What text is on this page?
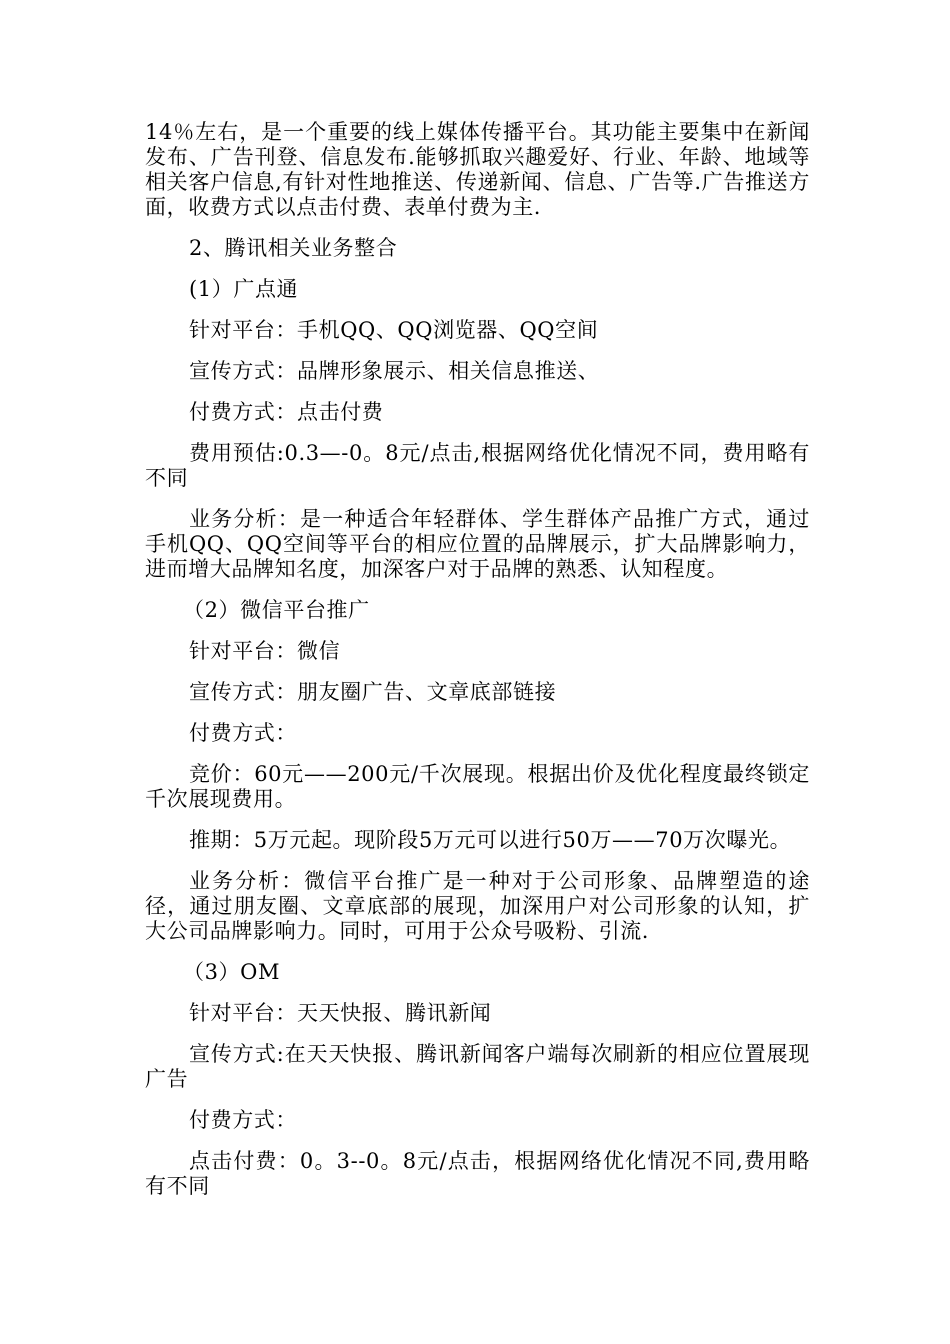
14％左右，是一个重要的线上媒体传播平台。其功能主要集中在新闻发布、广告刊登、信息发布.能够抓取兴趣爱好、行业、年龄、地域等相关客户信息,有针对性地推送、传递新闻、信息、广告等.广告推送方面，收费方式以点击付费、表单付费为主.

2、腾讯相关业务整合

(1）广点通

针对平台：手机QQ、QQ浏览器、QQ空间

宣传方式：品牌形象展示、相关信息推送、

付费方式：点击付费

费用预估:0.3—-0。8元/点击,根据网络优化情况不同，费用略有不同

业务分析：是一种适合年轻群体、学生群体产品推广方式，通过手机QQ、QQ空间等平台的相应位置的品牌展示，扩大品牌影响力，进而增大品牌知名度，加深客户对于品牌的熟悉、认知程度。

（2）微信平台推广

针对平台：微信

宣传方式：朋友圈广告、文章底部链接

付费方式：

竞价：60元——200元/千次展现。根据出价及优化程度最终锁定千次展现费用。

推期：5万元起。现阶段5万元可以进行50万——70万次曝光。

业务分析：微信平台推广是一种对于公司形象、品牌塑造的途径，通过朋友圈、文章底部的展现，加深用户对公司形象的认知，扩大公司品牌影响力。同时，可用于公众号吸粉、引流.

（3）OM

针对平台：天天快报、腾讯新闻

宣传方式:在天天快报、腾讯新闻客户端每次刷新的相应位置展现广告

付费方式：

点击付费：0。3--0。8元/点击，根据网络优化情况不同,费用略有不同
